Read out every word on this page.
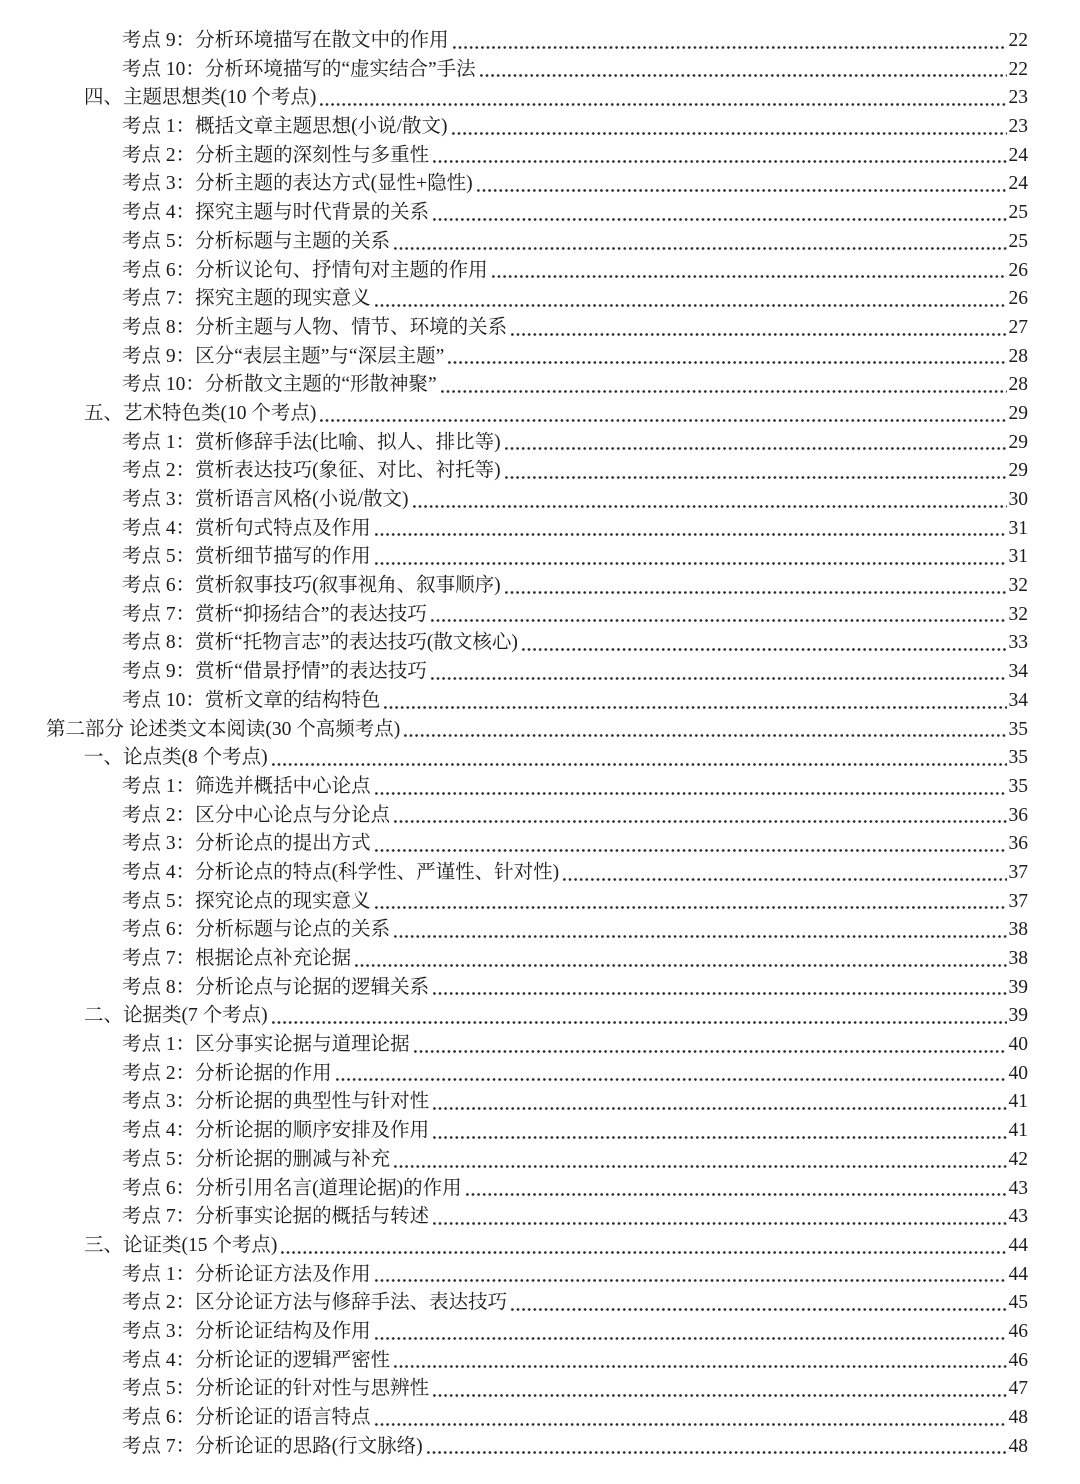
考点 9：分析环境描写在散文中的作用	22
考点 10：分析环境描写的“虚实结合”手法	22
四、主题思想类(10 个考点)	23
考点 1：概括文章主题思想(小说/散文)	23
考点 2：分析主题的深刻性与多重性	24
考点 3：分析主题的表达方式(显性+隐性)	24
考点 4：探究主题与时代背景的关系	25
考点 5：分析标题与主题的关系	25
考点 6：分析议论句、抒情句对主题的作用	26
考点 7：探究主题的现实意义	26
考点 8：分析主题与人物、情节、环境的关系	27
考点 9：区分“表层主题”与“深层主题”	28
考点 10：分析散文主题的“形散神聚”	28
五、艺术特色类(10 个考点)	29
考点 1：赏析修辞手法(比喻、拟人、排比等)	29
考点 2：赏析表达技巧(象征、对比、衬托等)	29
考点 3：赏析语言风格(小说/散文)	30
考点 4：赏析句式特点及作用	31
考点 5：赏析细节描写的作用	31
考点 6：赏析叙事技巧(叙事视角、叙事顺序)	32
考点 7：赏析“抑扬结合”的表达技巧	32
考点 8：赏析“托物言志”的表达技巧(散文核心)	33
考点 9：赏析“借景抒情”的表达技巧	34
考点 10：赏析文章的结构特色	34
第二部分 论述类文本阅读(30 个高频考点)	35
一、论点类(8 个考点)	35
考点 1：筛选并概括中心论点	35
考点 2：区分中心论点与分论点	36
考点 3：分析论点的提出方式	36
考点 4：分析论点的特点(科学性、严谨性、针对性)	37
考点 5：探究论点的现实意义	37
考点 6：分析标题与论点的关系	38
考点 7：根据论点补充论据	38
考点 8：分析论点与论据的逻辑关系	39
二、论据类(7 个考点)	39
考点 1：区分事实论据与道理论据	40
考点 2：分析论据的作用	40
考点 3：分析论据的典型性与针对性	41
考点 4：分析论据的顺序安排及作用	41
考点 5：分析论据的删减与补充	42
考点 6：分析引用名言(道理论据)的作用	43
考点 7：分析事实论据的概括与转述	43
三、论证类(15 个考点)	44
考点 1：分析论证方法及作用	44
考点 2：区分论证方法与修辞手法、表达技巧	45
考点 3：分析论证结构及作用	46
考点 4：分析论证的逻辑严密性	46
考点 5：分析论证的针对性与思辨性	47
考点 6：分析论证的语言特点	48
考点 7：分析论证的思路(行文脉络)	48
